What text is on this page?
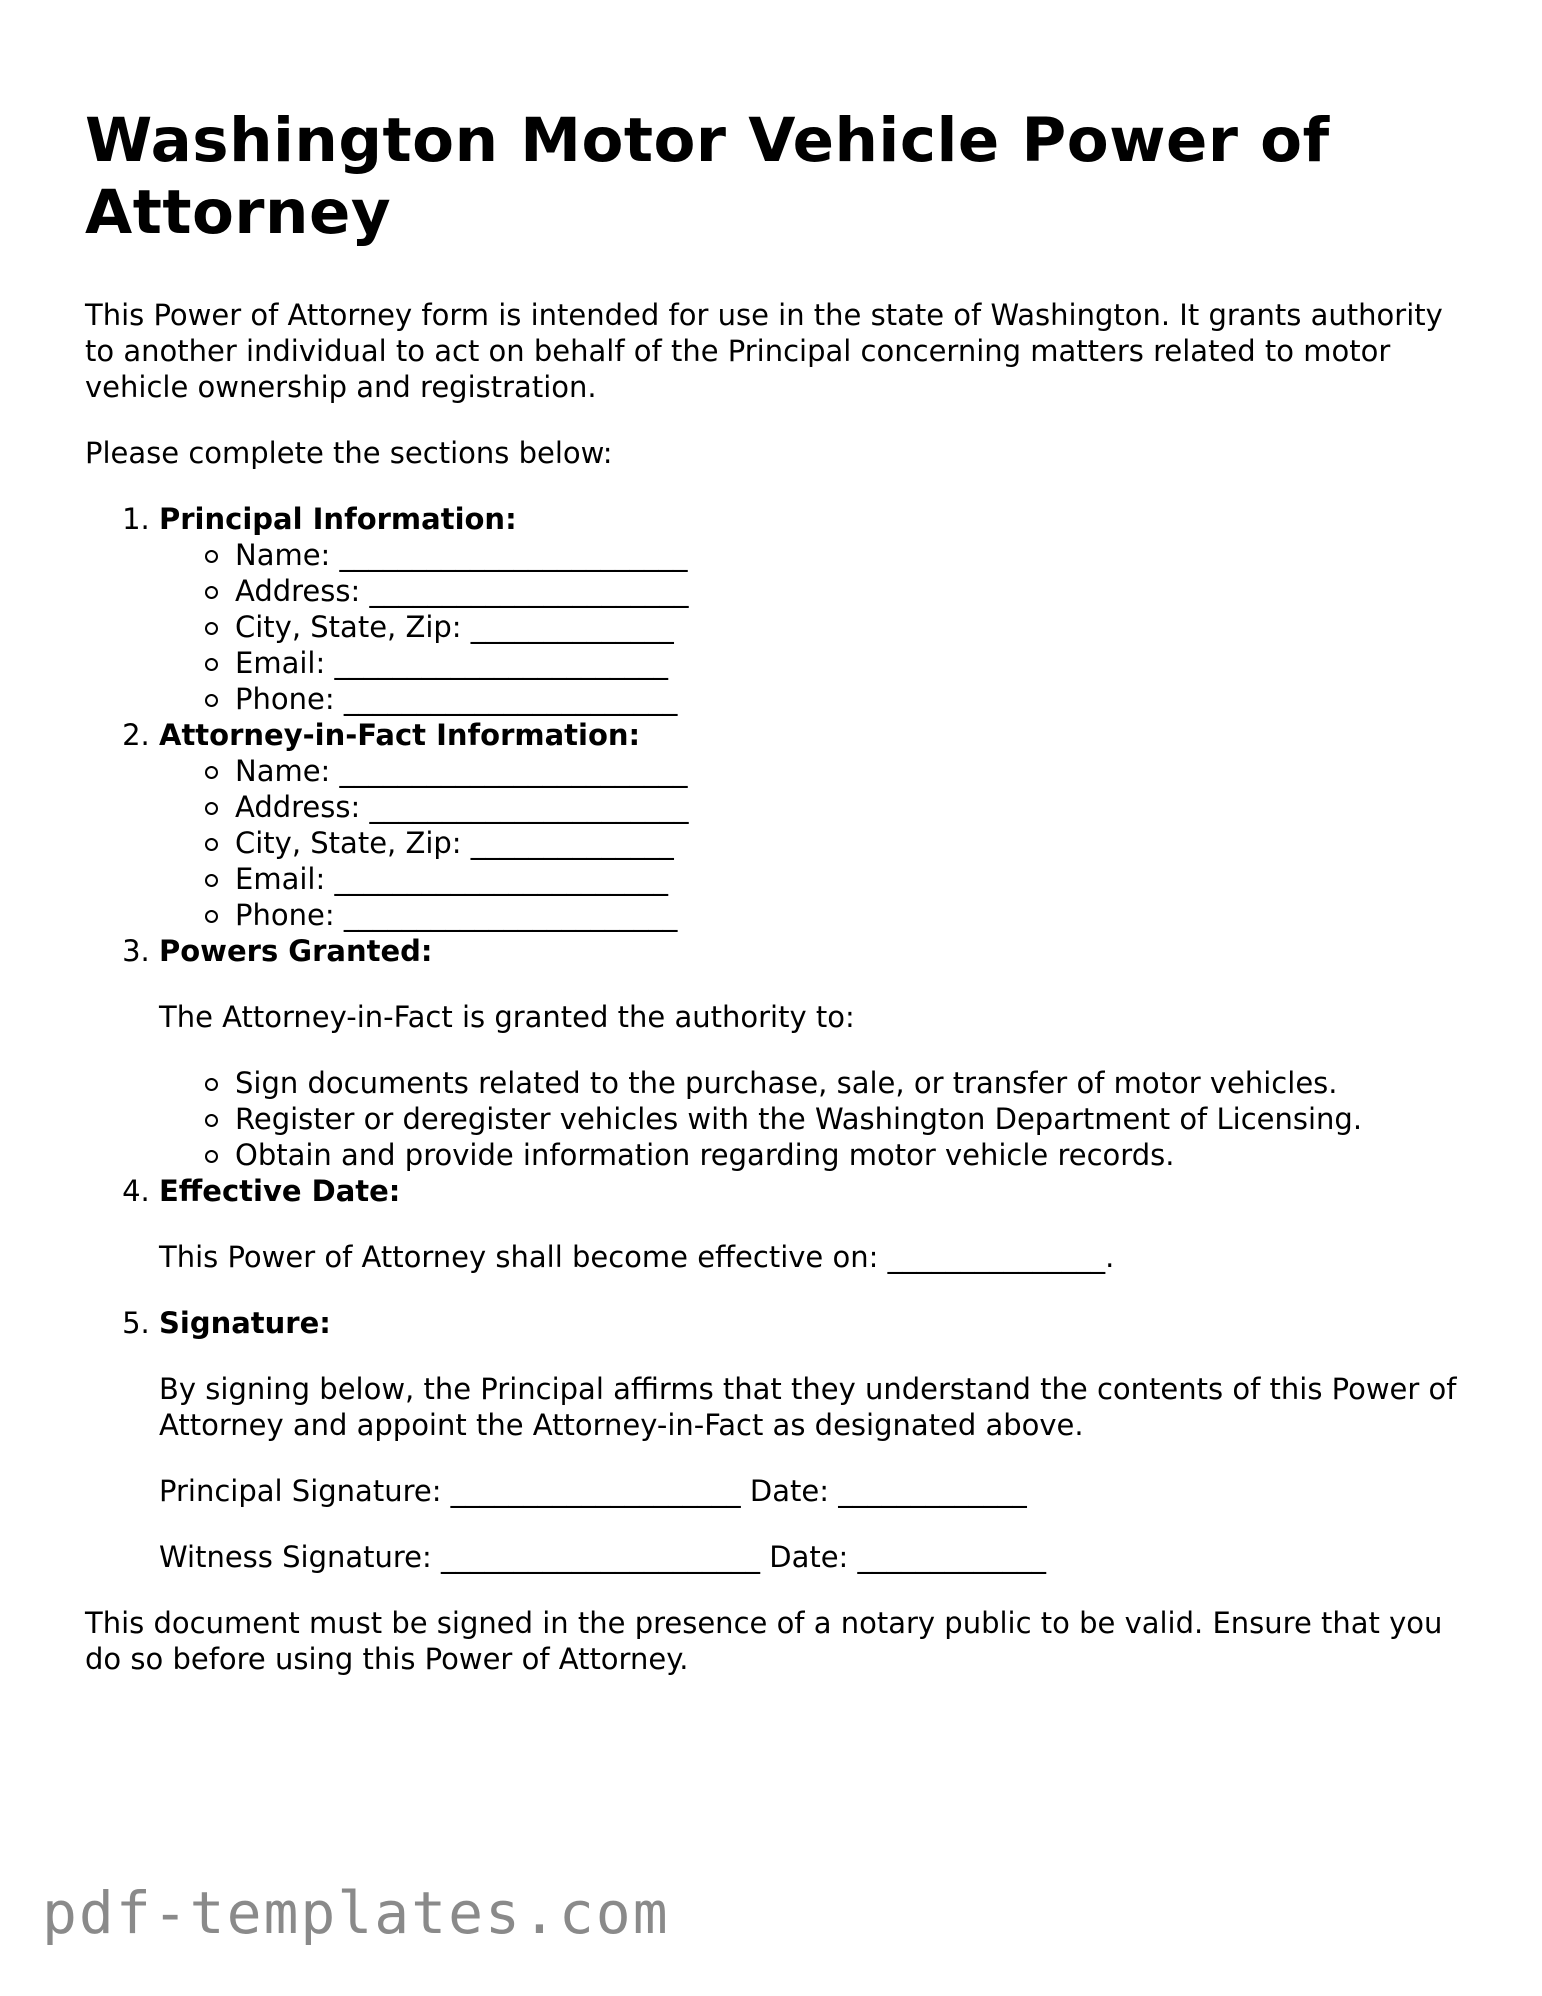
Washington Motor Vehicle Power of Attorney

This Power of Attorney form is intended for use in the state of Washington. It grants authority to another individual to act on behalf of the Principal concerning matters related to motor vehicle ownership and registration.

Please complete the sections below:

1. Principal Information:
Name: ________________________
Address: ______________________
City, State, Zip: ______________
Email: _______________________
Phone: _______________________
2. Attorney-in-Fact Information:
Name: ________________________
Address: ______________________
City, State, Zip: ______________
Email: _______________________
Phone: _______________________
3. Powers Granted:

The Attorney-in-Fact is granted the authority to:

Sign documents related to the purchase, sale, or transfer of motor vehicles.
Register or deregister vehicles with the Washington Department of Licensing.
Obtain and provide information regarding motor vehicle records.
4. Effective Date:

This Power of Attorney shall become effective on: _______________.

5. Signature:

By signing below, the Principal affirms that they understand the contents of this Power of Attorney and appoint the Attorney-in-Fact as designated above.

Principal Signature: ____________________ Date: _____________

Witness Signature: ______________________ Date: _____________

This document must be signed in the presence of a notary public to be valid. Ensure that you do so before using this Power of Attorney.

pdf-templates.com
